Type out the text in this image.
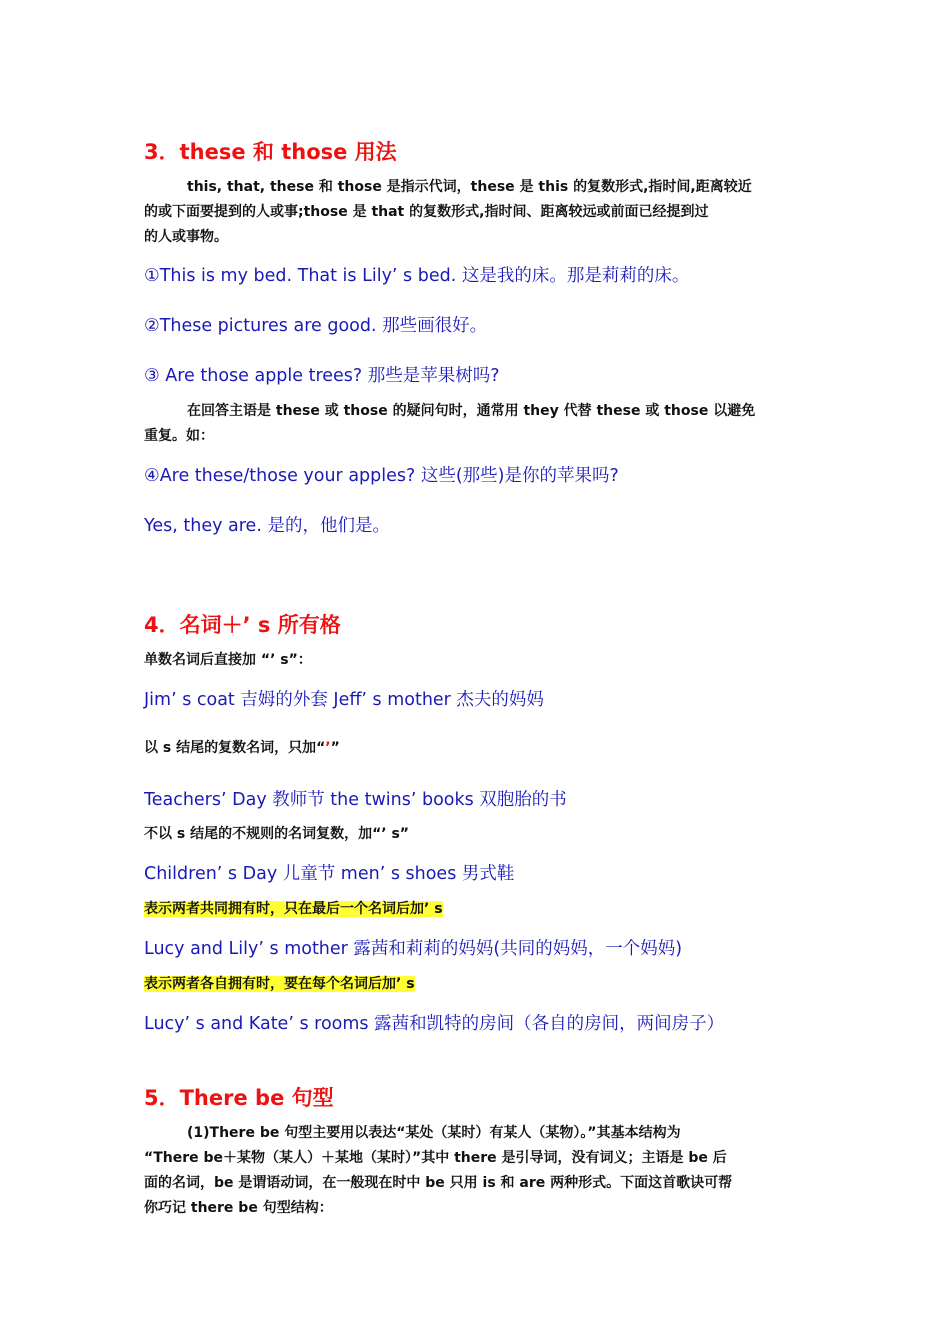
3．these 和 those 用法
this, that, these 和 those 是指示代词，these 是 this 的复数形式,指时间,距离较近
的或下面要提到的人或事;those 是 that 的复数形式,指时间、距离较远或前面已经提到过
的人或事物。
①This is my bed. That is Lily’ s bed. 这是我的床。那是莉莉的床。
②These pictures are good. 那些画很好。
③ Are those apple trees? 那些是苹果树吗?
在回答主语是 these 或 those 的疑问句时，通常用 they 代替 these 或 those 以避免
重复。如：
④Are these/those your apples? 这些(那些)是你的苹果吗?
Yes, they are. 是的，他们是。
4．名词＋’ s 所有格
单数名词后直接加 “’ s”：
Jim’ s coat 吉姆的外套 Jeff’ s mother 杰夫的妈妈
以 s 结尾的复数名词，只加“’”
Teachers’ Day 教师节 the twins’ books 双胞胎的书
不以 s 结尾的不规则的名词复数，加“’ s”
Children’ s Day 儿童节 men’ s shoes 男式鞋
表示两者共同拥有时，只在最后一个名词后加’ s
Lucy and Lily’ s mother 露茜和莉莉的妈妈(共同的妈妈，一个妈妈)
表示两者各自拥有时，要在每个名词后加’ s
Lucy’ s and Kate’ s rooms 露茜和凯特的房间（各自的房间，两间房子）
5．There be 句型
(1)There be 句型主要用以表达“某处（某时）有某人（某物）。”其基本结构为
“There be＋某物（某人）＋某地（某时）”其中 there 是引导词，没有词义；主语是 be 后
面的名词，be 是谓语动词，在一般现在时中 be 只用 is 和 are 两种形式。下面这首歌诀可帮
你巧记 there be 句型结构：
